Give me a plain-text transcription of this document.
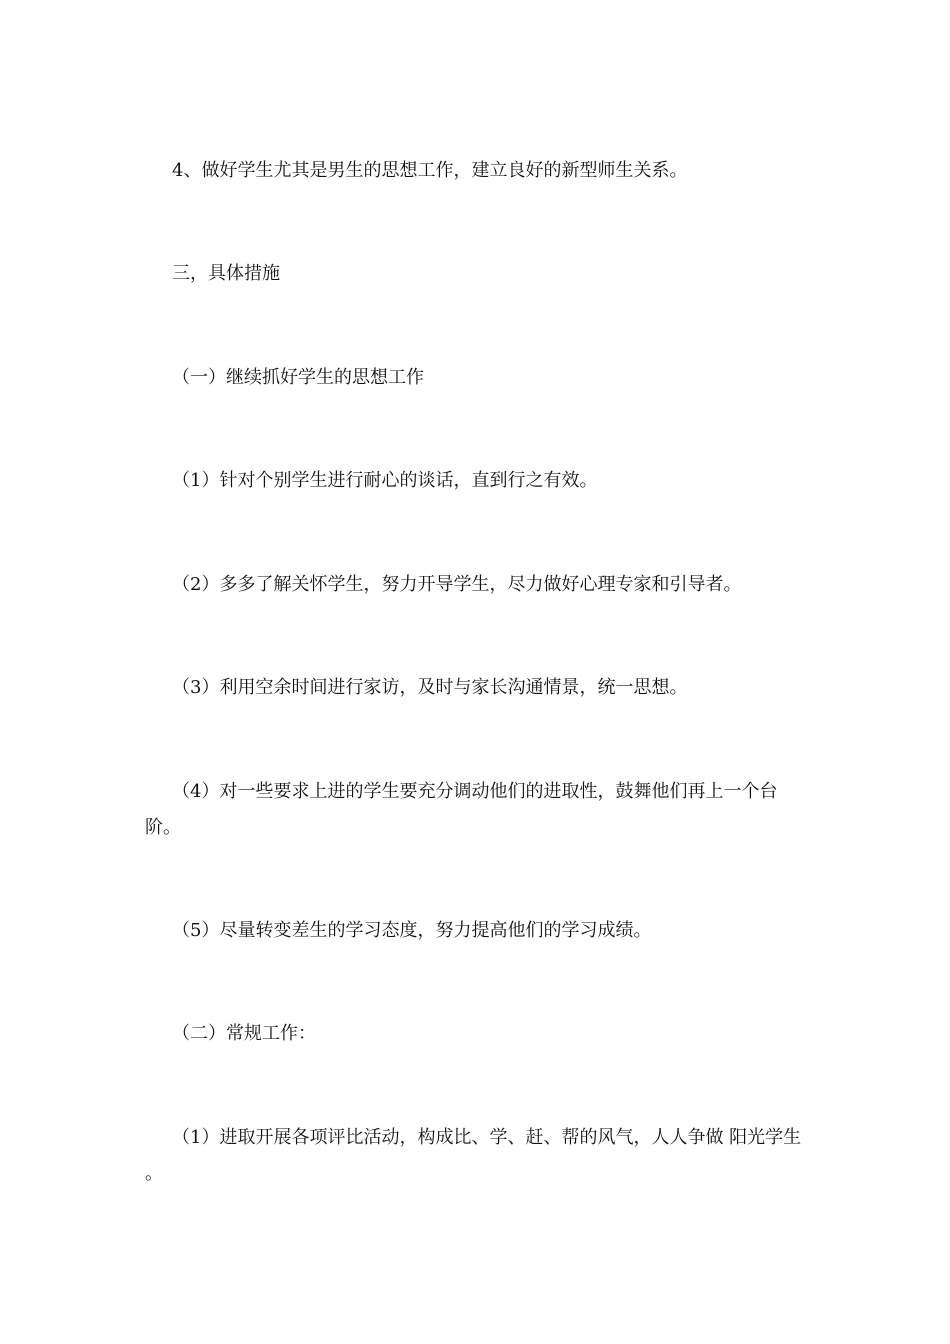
4、做好学生尤其是男生的思想工作，建立良好的新型师生关系。

三，具体措施

（一）继续抓好学生的思想工作

（1）针对个别学生进行耐心的谈话，直到行之有效。

（2）多多了解关怀学生，努力开导学生，尽力做好心理专家和引导者。

（3）利用空余时间进行家访，及时与家长沟通情景，统一思想。

（4）对一些要求上进的学生要充分调动他们的进取性，鼓舞他们再上一个台阶。

（5）尽量转变差生的学习态度，努力提高他们的学习成绩。

（二）常规工作：

（1）进取开展各项评比活动，构成比、学、赶、帮的风气，人人争做 阳光学生 。
